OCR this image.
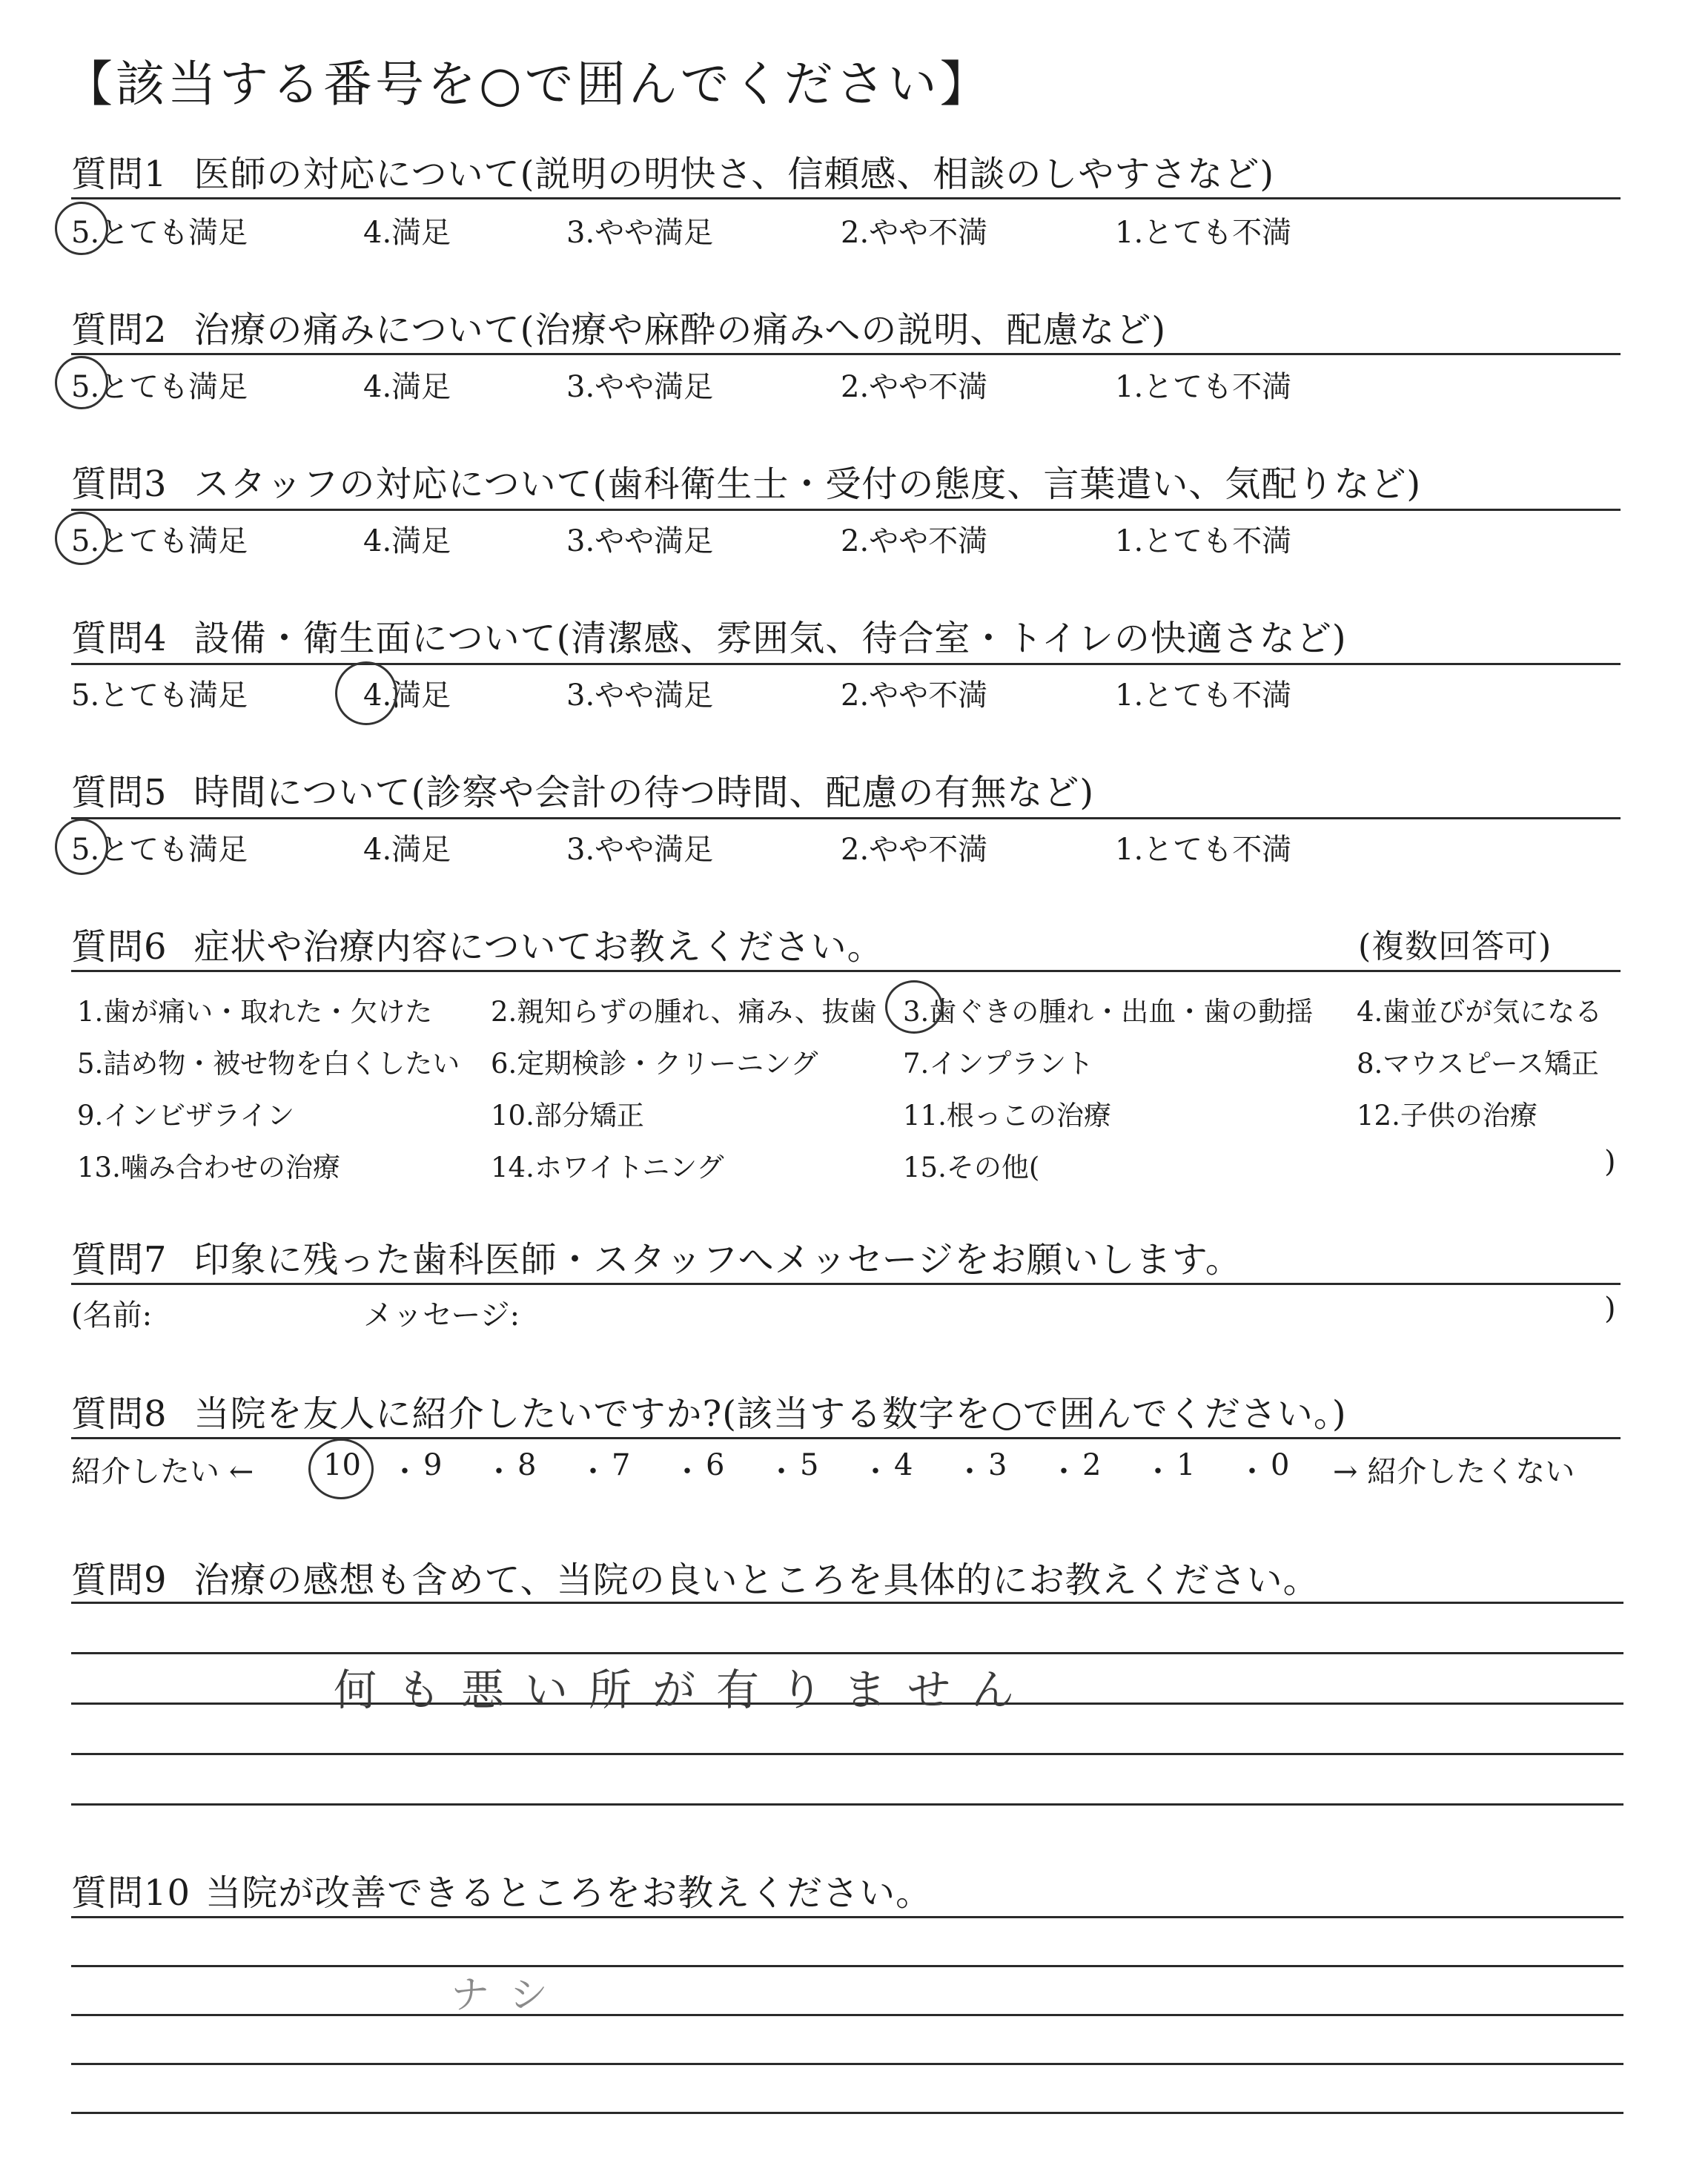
【該当する番号を○で囲んでください】
質問1 医師の対応について(説明の明快さ、信頼感、相談のしやすさなど)
5.とても満足	4.満足	3.やや満足	2.やや不満	1.とても不満
質問2 治療の痛みについて(治療や麻酔の痛みへの説明、配慮など)
5.とても満足	4.満足	3.やや満足	2.やや不満	1.とても不満
質問3 スタッフの対応について(歯科衛生士・受付の態度、言葉遣い、気配りなど)
5.とても満足	4.満足	3.やや満足	2.やや不満	1.とても不満
質問4 設備・衛生面について(清潔感、雰囲気、待合室・トイレの快適さなど)
5.とても満足	4.満足	3.やや満足	2.やや不満	1.とても不満
質問5 時間について(診察や会計の待つ時間、配慮の有無など)
5.とても満足	4.満足	3.やや満足	2.やや不満	1.とても不満
質問6 症状や治療内容についてお教えください。	(複数回答可)
1.歯が痛い・取れた・欠けた 2.親知らずの腫れ、痛み、抜歯 3.歯ぐきの腫れ・出血・歯の動揺 4.歯並びが気になる
5.詰め物・被せ物を白くしたい 6.定期検診・クリーニング	7.インプラント	8.マウスピース矯正
9.インビザライン	10.部分矯正	11.根っこの治療	12.子供の治療
13.噛み合わせの治療	14.ホワイトニング	15.その他(	)
質問7 印象に残った歯科医師・スタッフへメッセージをお願いします。
(名前:	メッセージ:	)
質問8 当院を友人に紹介したいですか?(該当する数字を○で囲んでください。)
紹介したい ←	→ 紹介したくない
10 ・ 9 ・ 8 ・ 7 ・ 6 ・ 5 ・ 4 ・ 3 ・ 2 ・ 1 ・ 0
質問9 治療の感想も含めて、当院の良いところを具体的にお教えください。
何も悪い所が有りません
質問10 当院が改善できるところをお教えください。
ナシ
